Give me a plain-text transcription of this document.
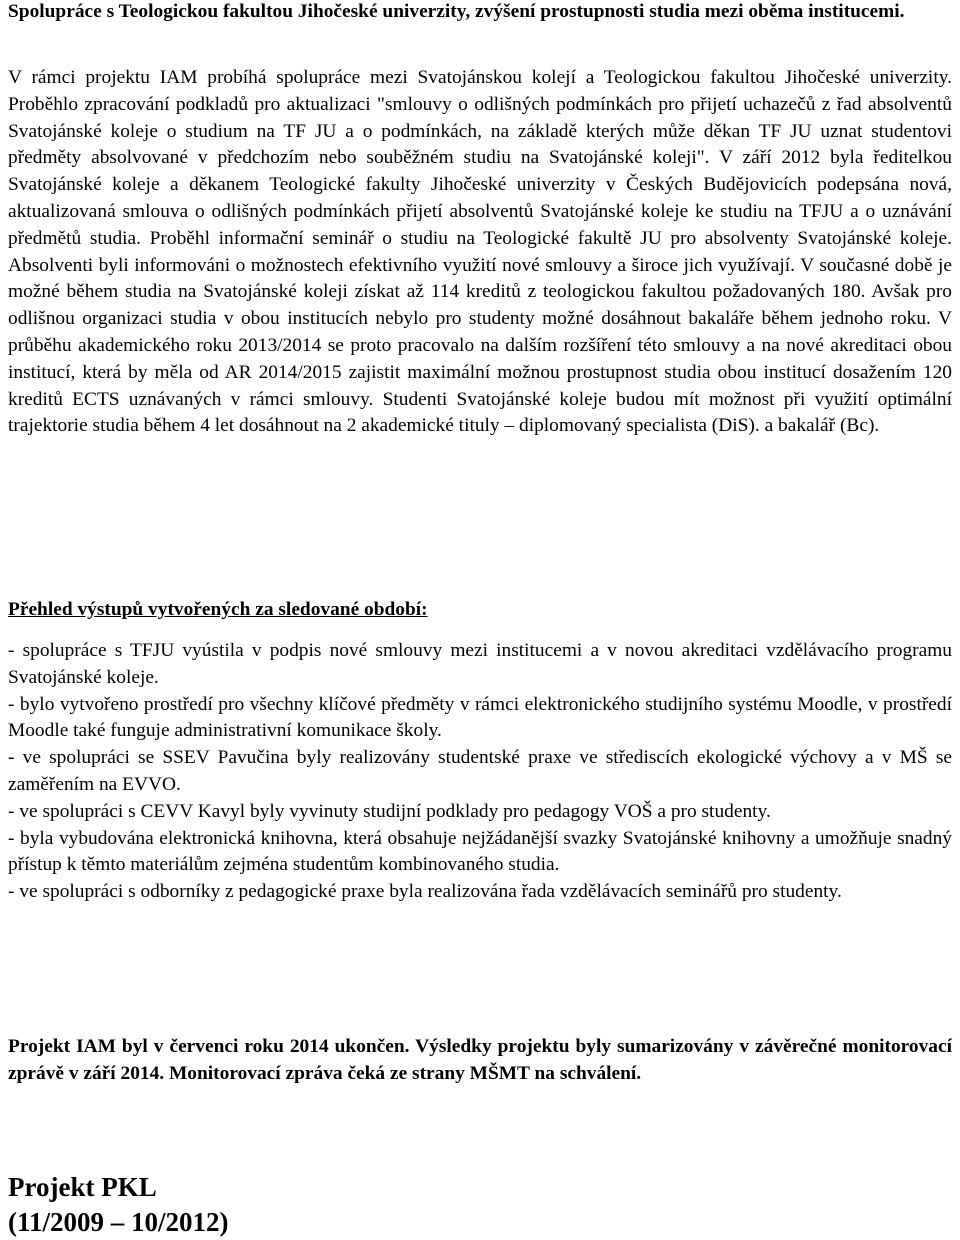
Spolupráce s Teologickou fakultou Jihočeské univerzity, zvýšení prostupnosti studia mezi oběma institucemi.

V rámci projektu IAM probíhá spolupráce mezi Svatojánskou kolejí a Teologickou fakultou Jihočeské univerzity. Proběhlo zpracování podkladů pro aktualizaci "smlouvy o odlišných podmínkách pro přijetí uchazečů z řad absolventů Svatojánské koleje o studium na TF JU a o podmínkách, na základě kterých může děkan TF JU uznat studentovi předměty absolvované v předchozím nebo souběžném studiu na Svatojánské koleji". V září 2012 byla ředitelkou Svatojánské koleje a děkanem Teologické fakulty Jihočeské univerzity v Českých Budějovicích podepsána nová, aktualizovaná smlouva o odlišných podmínkách přijetí absolventů Svatojánské koleje ke studiu na TFJU a o uznávání předmětů studia. Proběhl informační seminář o studiu na Teologické fakultě JU pro absolventy Svatojánské koleje. Absolventi byli informováni o možnostech efektivního využití nové smlouvy a široce jich využívají. V současné době je možné během studia na Svatojánské koleji získat až 114 kreditů z teologickou fakultou požadovaných 180. Avšak pro odlišnou organizaci studia v obou institucích nebylo pro studenty možné dosáhnout bakaláře během jednoho roku. V průběhu akademického roku 2013/2014 se proto pracovalo na dalším rozšíření této smlouvy a na nové akreditaci obou institucí, která by měla od AR 2014/2015 zajistit maximální možnou prostupnost studia obou institucí dosažením 120 kreditů ECTS uznávaných v rámci smlouvy. Studenti Svatojánské koleje budou mít možnost při využití optimální trajektorie studia během 4 let dosáhnout na 2 akademické tituly – diplomovaný specialista (DiS). a bakalář (Bc).

Přehled výstupů vytvořených za sledované období:

- spolupráce s TFJU vyústila v podpis nové smlouvy mezi institucemi a v novou akreditaci vzdělávacího programu Svatojánské koleje.

- bylo vytvořeno prostředí pro všechny klíčové předměty v rámci elektronického studijního systému Moodle, v prostředí Moodle také funguje administrativní komunikace školy.

- ve spolupráci se SSEV Pavučina byly realizovány studentské praxe ve střediscích ekologické výchovy a v MŠ se zaměřením na EVVO.

- ve spolupráci s CEVV Kavyl byly vyvinuty studijní podklady pro pedagogy VOŠ a pro studenty.

- byla vybudována elektronická knihovna, která obsahuje nejžádanější svazky Svatojánské knihovny a umožňuje snadný přístup k těmto materiálům zejména studentům kombinovaného studia.

- ve spolupráci s odborníky z pedagogické praxe byla realizována řada vzdělávacích seminářů pro studenty.

Projekt IAM byl v červenci roku 2014 ukončen. Výsledky projektu byly sumarizovány v závěrečné monitorovací zprávě v září 2014. Monitorovací zpráva čeká ze strany MŠMT na schválení.

Projekt PKL
(11/2009 – 10/2012)
